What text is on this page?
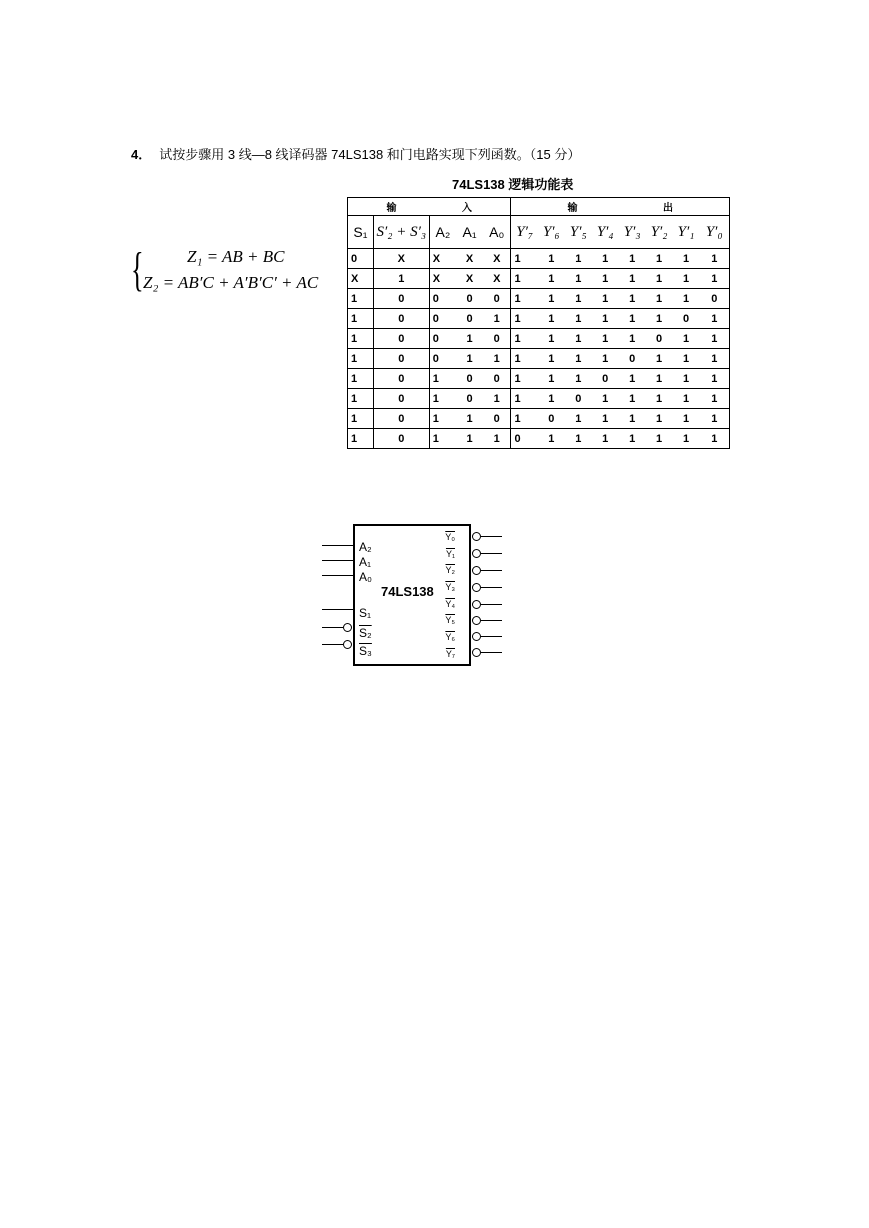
4． 试按步骤用 3 线—8 线译码器 74LS138 和门电路实现下列函数。（15 分）
74LS138 逻辑功能表
{	Z₁ = AB + BC
Z₂ = AB′C + A′B′C′ + AC
输 入					输 出							
S₁	S′₂ + S′₃	A₂	A₁	A₀	Y′₇	Y′₆	Y′₅	Y′₄	Y′₃	Y′₂	Y′₁	Y′₀
0	X	X	X	X	1	1	1	1	1	1	1	1
X	1	X	X	X	1	1	1	1	1	1	1	1
1	0	0	0	0	1	1	1	1	1	1	1	0
1	0	0	0	1	1	1	1	1	1	1	0	1
1	0	0	1	0	1	1	1	1	1	0	1	1
1	0	0	1	1	1	1	1	1	0	1	1	1
1	0	1	0	0	1	1	1	0	1	1	1	1
1	0	1	0	1	1	1	0	1	1	1	1	1
1	0	1	1	0	1	0	1	1	1	1	1	1
1	0	1	1	1	0	1	1	1	1	1	1	1
A₂
A₁
A₀
74LS138
S₁
S₂
S₃
Y₀
Y₁
Y₂
Y₃
Y₄
Y₅
Y₆
Y₇
